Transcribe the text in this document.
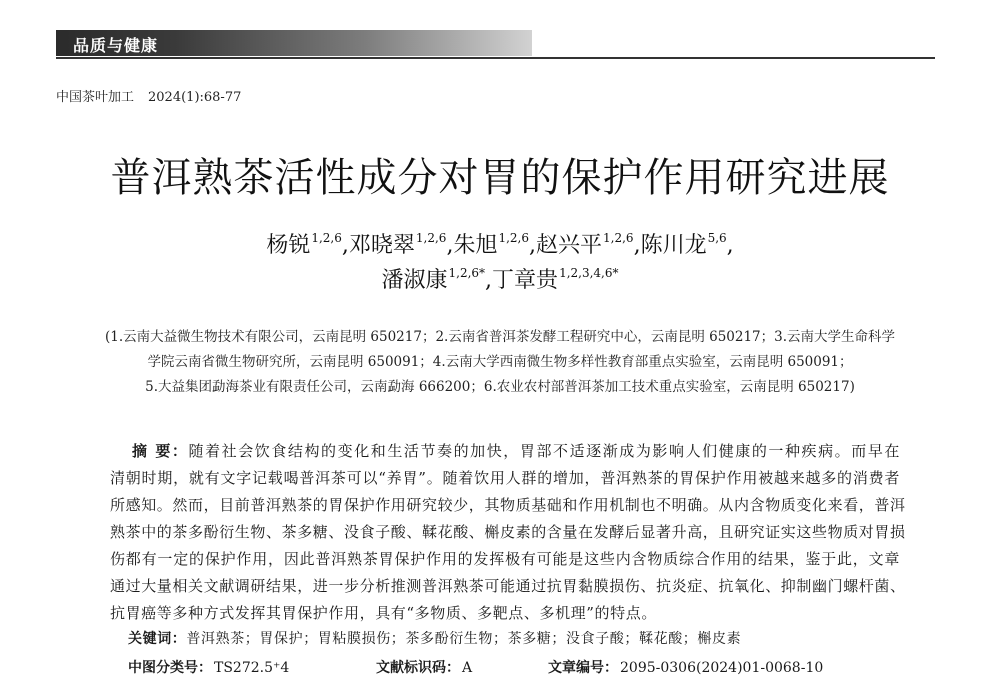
品质与健康
中国茶叶加工 2024(1):68-77
普洱熟茶活性成分对胃的保护作用研究进展
杨锐$^{1,2,6}$,邓晓翠$^{1,2,6}$,朱旭$^{1,2,6}$,赵兴平$^{1,2,6}$,陈川龙$^{5,6}$,
潘淑康$^{1,2,6*}$,丁章贵$^{1,2,3,4,6*}$
(1.云南大益微生物技术有限公司，云南昆明 650217；2.云南省普洱茶发酵工程研究中心，云南昆明 650217；3.云南大学生命科学
学院云南省微生物研究所，云南昆明 650091；4.云南大学西南微生物多样性教育部重点实验室，云南昆明 650091；
5.大益集团勐海茶业有限责任公司，云南勐海 666200；6.农业农村部普洱茶加工技术重点实验室，云南昆明 650217)
摘 要：随着社会饮食结构的变化和生活节奏的加快，胃部不适逐渐成为影响人们健康的一种疾病。而早在
清朝时期，就有文字记载喝普洱茶可以“养胃”。随着饮用人群的增加，普洱熟茶的胃保护作用被越来越多的消费者
所感知。然而，目前普洱熟茶的胃保护作用研究较少，其物质基础和作用机制也不明确。从内含物质变化来看，普洱
熟茶中的茶多酚衍生物、茶多糖、没食子酸、鞣花酸、槲皮素的含量在发酵后显著升高，且研究证实这些物质对胃损
伤都有一定的保护作用，因此普洱熟茶胃保护作用的发挥极有可能是这些内含物质综合作用的结果，鉴于此，文章
通过大量相关文献调研结果，进一步分析推测普洱熟茶可能通过抗胃黏膜损伤、抗炎症、抗氧化、抑制幽门螺杆菌、
抗胃癌等多种方式发挥其胃保护作用，具有“多物质、多靶点、多机理”的特点。
关键词：普洱熟茶；胃保护；胃粘膜损伤；茶多酚衍生物；茶多糖；没食子酸；鞣花酸；槲皮素
中图分类号： TS272.5⁺4	文献标识码： A	文章编号： 2095-0306(2024)01-0068-10
